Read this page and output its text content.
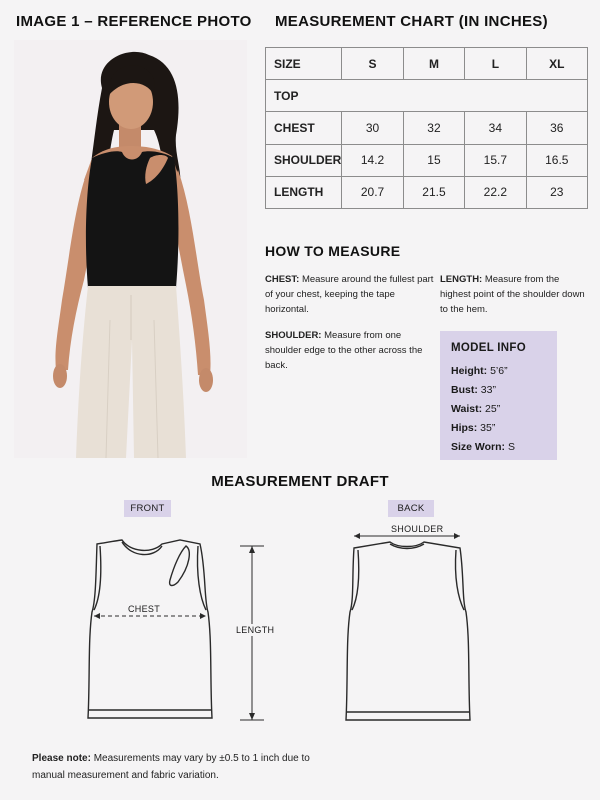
IMAGE 1 – REFERENCE PHOTO MEASUREMENT CHART (IN INCHES)
SIZE	S	M	L	XL
TOP				
CHEST	30	32	34	36
SHOULDER	14.2	15	15.7	16.5
LENGTH	20.7	21.5	22.2	23
HOW TO MEASURE
CHEST: Measure around the fullest part of your chest, keeping the tape horizontal.
LENGTH: Measure from the highest point of the shoulder down to the hem.
SHOULDER: Measure from one shoulder edge to the other across the back.
MODEL INFO
Height: 5’6”
Bust: 33”
Waist: 25”
Hips: 35”
Size Worn: S
MEASUREMENT DRAFT
FRONT	BACK
CHEST
LENGTH
SHOULDER
Please note: Measurements may vary by ±0.5 to 1 inch due to manual measurement and fabric variation.
